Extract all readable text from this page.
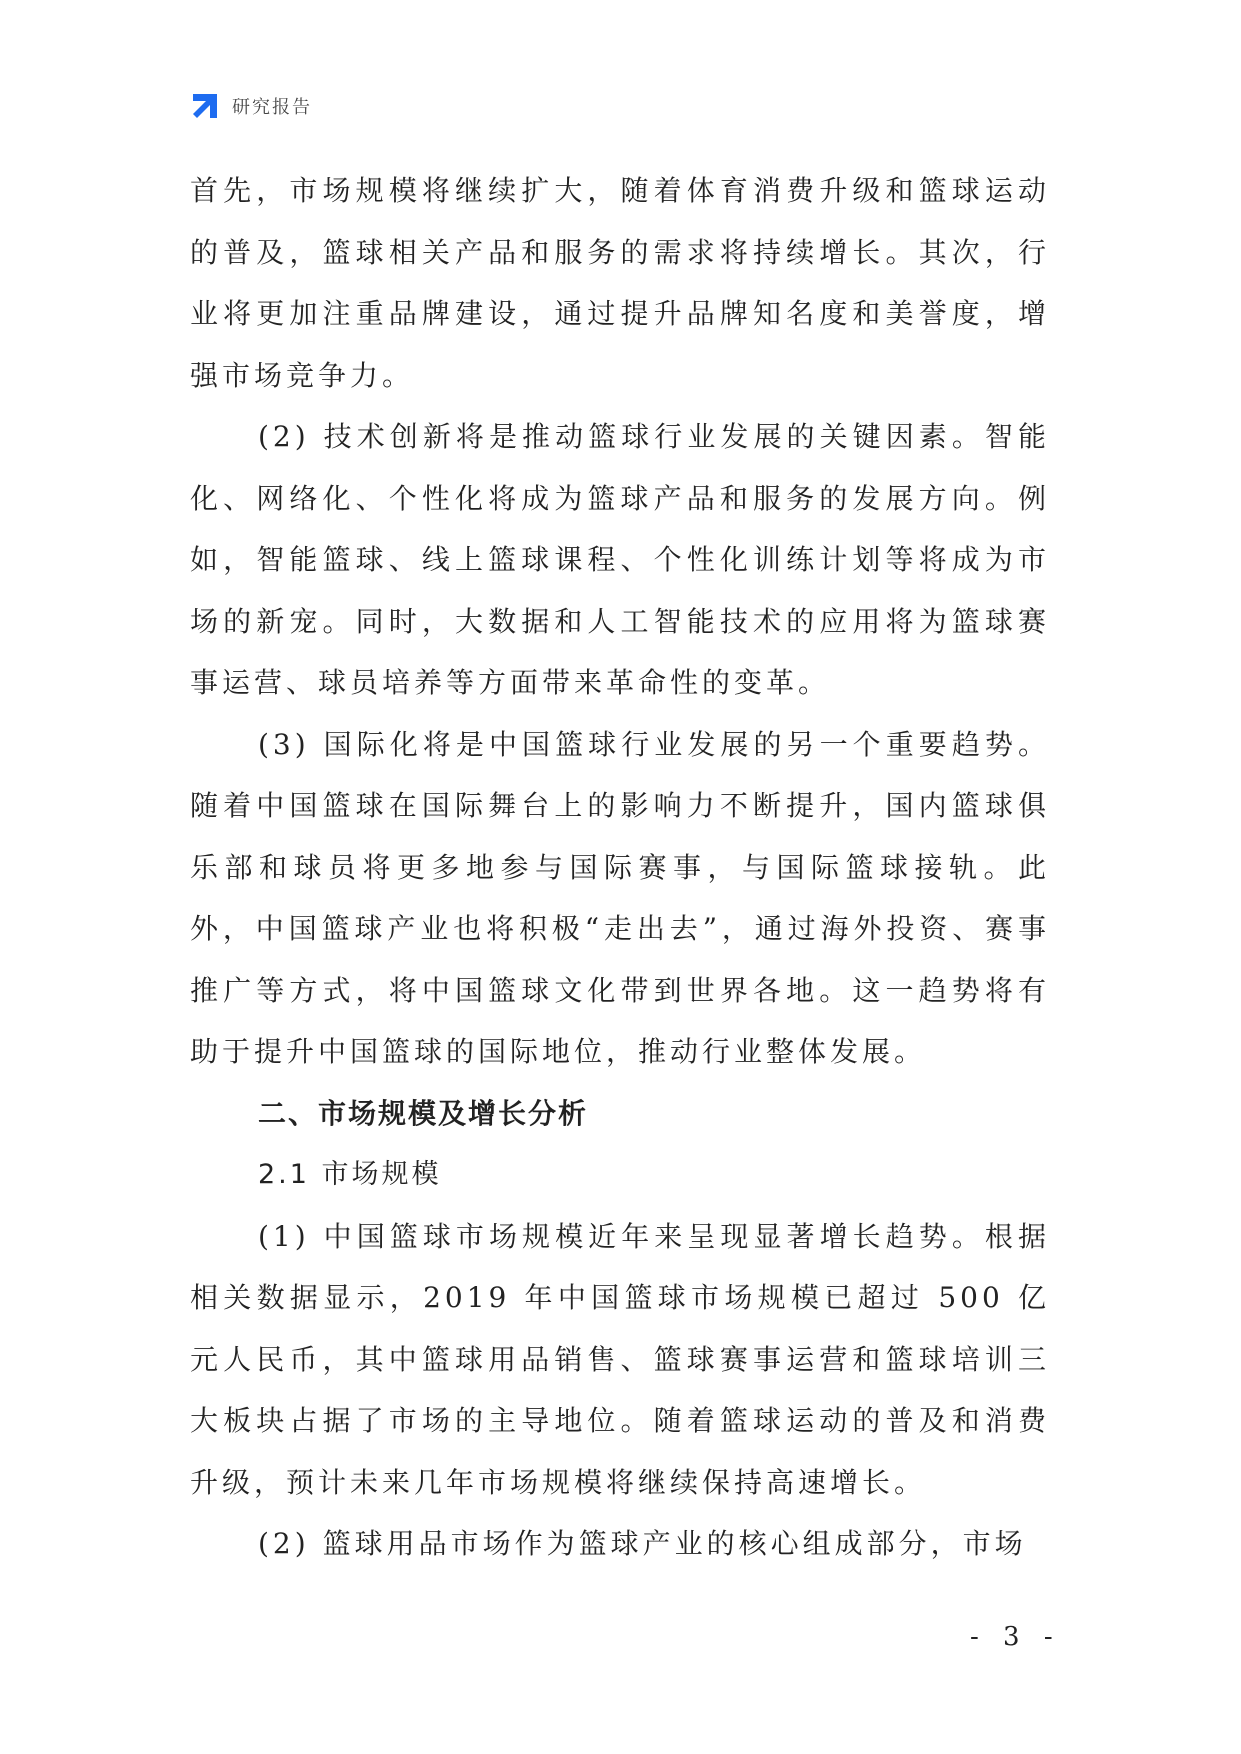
研究报告

首先，市场规模将继续扩大，随着体育消费升级和篮球运动的普及，篮球相关产品和服务的需求将持续增长。其次，行业将更加注重品牌建设，通过提升品牌知名度和美誉度，增强市场竞争力。

(2) 技术创新将是推动篮球行业发展的关键因素。智能化、网络化、个性化将成为篮球产品和服务的发展方向。例如，智能篮球、线上篮球课程、个性化训练计划等将成为市场的新宠。同时，大数据和人工智能技术的应用将为篮球赛事运营、球员培养等方面带来革命性的变革。

(3) 国际化将是中国篮球行业发展的另一个重要趋势。随着中国篮球在国际舞台上的影响力不断提升，国内篮球俱乐部和球员将更多地参与国际赛事，与国际篮球接轨。此外，中国篮球产业也将积极“走出去”，通过海外投资、赛事推广等方式，将中国篮球文化带到世界各地。这一趋势将有助于提升中国篮球的国际地位，推动行业整体发展。

二、市场规模及增长分析

2.1 市场规模

(1) 中国篮球市场规模近年来呈现显著增长趋势。根据相关数据显示，2019 年中国篮球市场规模已超过 500 亿元人民币，其中篮球用品销售、篮球赛事运营和篮球培训三大板块占据了市场的主导地位。随着篮球运动的普及和消费升级，预计未来几年市场规模将继续保持高速增长。

(2) 篮球用品市场作为篮球产业的核心组成部分，市场

- 3 -
